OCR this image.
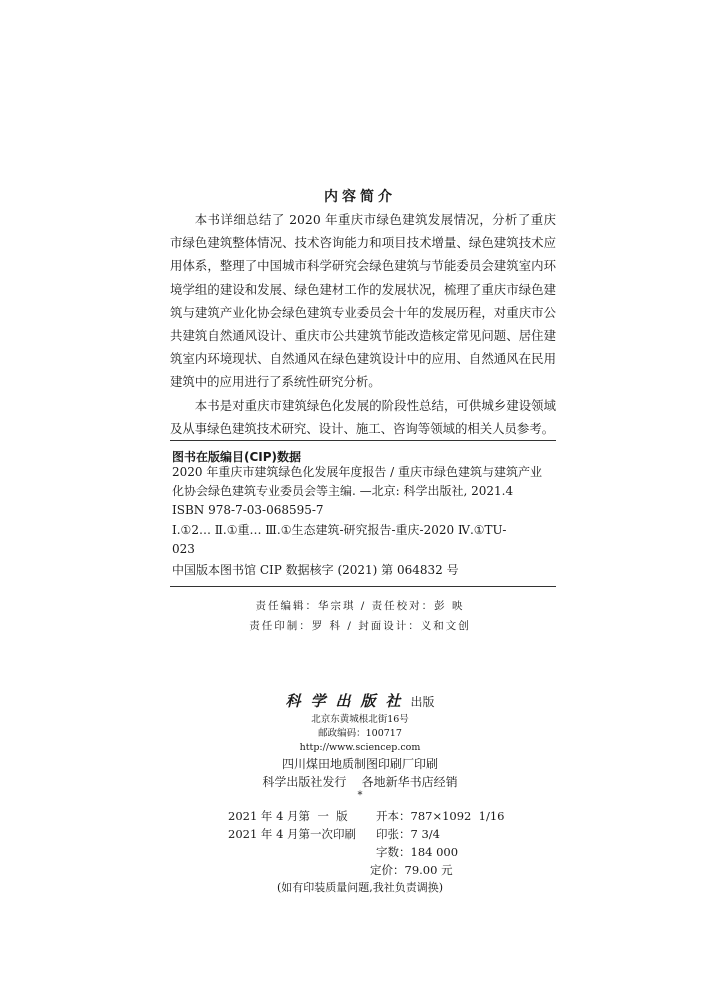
内容简介

本书详细总结了 2020 年重庆市绿色建筑发展情况，分析了重庆市绿色建筑整体情况、技术咨询能力和项目技术增量、绿色建筑技术应用体系，整理了中国城市科学研究会绿色建筑与节能委员会建筑室内环境学组的建设和发展、绿色建材工作的发展状况，梳理了重庆市绿色建筑与建筑产业化协会绿色建筑专业委员会十年的发展历程，对重庆市公共建筑自然通风设计、重庆市公共建筑节能改造核定常见问题、居住建筑室内环境现状、自然通风在绿色建筑设计中的应用、自然通风在民用建筑中的应用进行了系统性研究分析。

本书是对重庆市建筑绿色化发展的阶段性总结，可供城乡建设领域及从事绿色建筑技术研究、设计、施工、咨询等领域的相关人员参考。

图书在版编目(CIP)数据
2020 年重庆市建筑绿色化发展年度报告 / 重庆市绿色建筑与建筑产业
化协会绿色建筑专业委员会等主编. —北京: 科学出版社, 2021.4
ISBN 978-7-03-068595-7
Ⅰ.①2… Ⅱ.①重… Ⅲ.①生态建筑-研究报告-重庆-2020 Ⅳ.①TU-
023
中国版本图书馆 CIP 数据核字 (2021) 第 064832 号
责任编辑：华宗琪 / 责任校对：彭 映
责任印制：罗 科 / 封面设计：义和文创
科学出版社出版
北京东黄城根北街16号
邮政编码：100717
http://www.sciencep.com
四川煤田地质制图印刷厂印刷
科学出版社发行    各地新华书店经销
*
2021 年 4 月第  一  版 开本：787×1092  1/16
2021 年 4 月第一次印刷 印张：7 3/4
字数：184 000
定价：79.00 元
(如有印装质量问题,我社负责调换)
